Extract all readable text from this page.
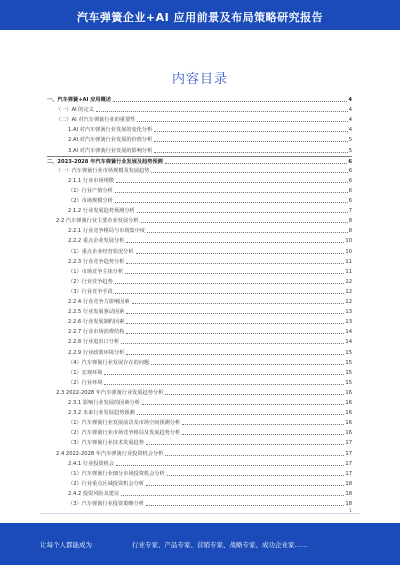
汽车弹簧企业+AI 应用前景及布局策略研究报告
内容目录
一、汽车弹簧+AI 应用概述	4
（一）AI 的定义	4
（二）AI 对汽车弹簧行业的重要性	4
1.AI 对汽车弹簧行业发展的变化分析	4
2.AI 对汽车弹簧行业发展的价值分析	5
3.AI 对汽车弹簧行业发展的影响分析	5
二、2023-2028 年汽车弹簧行业发展及趋势预测	6
（一）汽车弹簧行业市场规模及发展趋势	6
2.1.1 行业市场规模	6
（1）行业产值分析	6
（2）市场规模分析	6
2.1.2 行业发展趋势预测分析	7
2.2 汽车弹簧行业主要企业发展分析	8
2.2.1 行业竞争格局与市场集中度	8
2.2.2 重点企业发展分析	10
（1）重点企业经营状况分析	10
2.2.3 行业竞争趋势分析	11
（1）市场竞争主体分析	11
（2）行业竞争趋势	12
（3）行业竞争手段	12
2.2.4 行业竞争力影响因素	12
2.2.5 行业发展驱动因素	13
2.2.6 行业发展制约因素	13
2.2.7 行业市场消费结构	14
2.2.8 行业进出口分析	14
2.2.9 行业政策环境分析	15
（4）汽车弹簧行业发展存在的问题	15
（1）宏观环境	15
（2）行业环境	15
2.3 2022-2028 年汽车弹簧行业发展趋势分析	16
2.3.1 影响行业发展的因素分析	16
2.3.2 未来行业发展趋势预测	16
（1）汽车弹簧行业发展前景及市场空间预测分析	16
（2）汽车弹簧行业市场竞争格局及发展趋势分析	16
（3）汽车弹簧行业技术发展趋势	17
2.4 2022-2028 年汽车弹簧行业投资机会分析	17
2.4.1 行业投资机会	17
（1）汽车弹簧行业细分市场投资机会分析	17
（2）行业重点区域投资机会分析	18
2.4.2 投资风险及建议	18
（3）汽车弹簧行业投资策略分析	18
1
让每个人都能成为	行业专家、产品专家、营销专家、战略专家、成功企业家……
